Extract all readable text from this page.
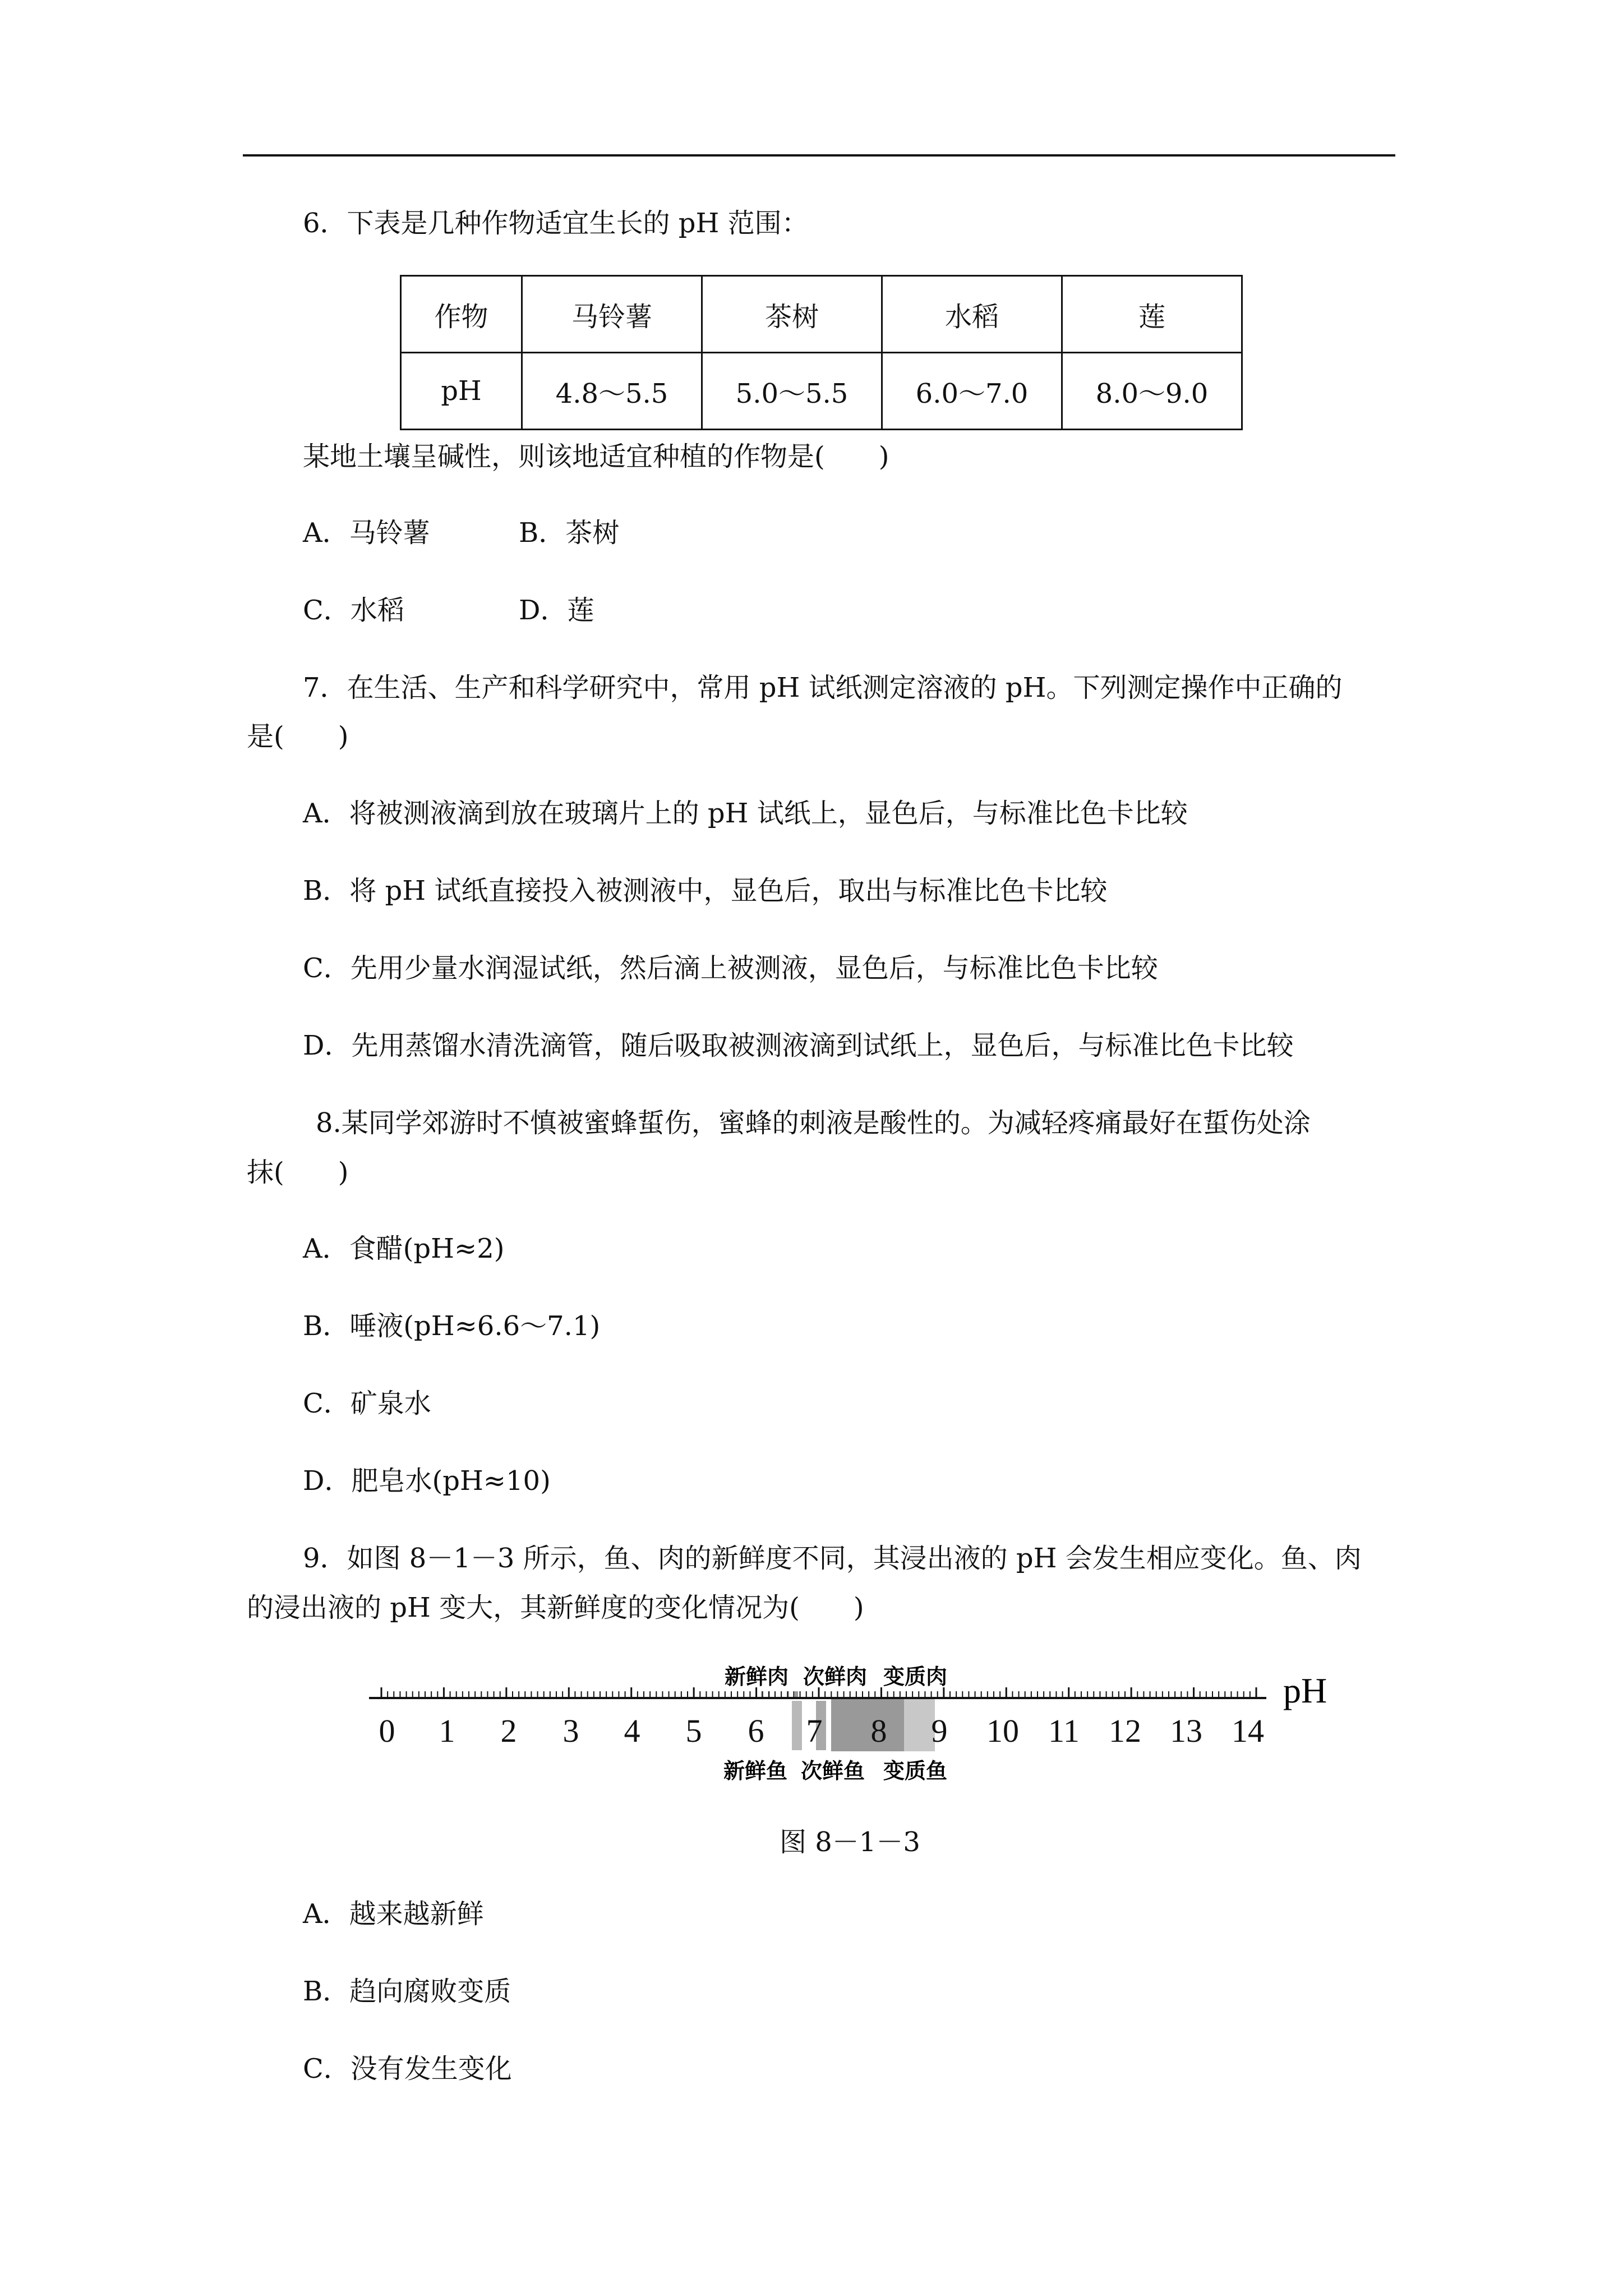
6．下表是几种作物适宜生长的 pH 范围：
作物	马铃薯	茶树	水稻	莲
pH	4.8～5.5	5.0～5.5	6.0～7.0	8.0～9.0
某地土壤呈碱性，则该地适宜种植的作物是(　　)
A．马铃薯	B．茶树
C．水稻	D．莲
7．在生活、生产和科学研究中，常用 pH 试纸测定溶液的 pH。下列测定操作中正确的
是(　　)
A．将被测液滴到放在玻璃片上的 pH 试纸上，显色后，与标准比色卡比较
B．将 pH 试纸直接投入被测液中，显色后，取出与标准比色卡比较
C．先用少量水润湿试纸，然后滴上被测液，显色后，与标准比色卡比较
D．先用蒸馏水清洗滴管，随后吸取被测液滴到试纸上，显色后，与标准比色卡比较
8.某同学郊游时不慎被蜜蜂蜇伤，蜜蜂的刺液是酸性的。为减轻疼痛最好在蜇伤处涂
抹(　　)
A．食醋(pH≈2)
B．唾液(pH≈6.6～7.1)
C．矿泉水
D．肥皂水(pH≈10)
9．如图 8－1－3 所示，鱼、肉的新鲜度不同，其浸出液的 pH 会发生相应变化。鱼、肉
的浸出液的 pH 变大，其新鲜度的变化情况为(　　)
新鲜肉 次鲜肉 变质肉
0 1 2 3 4 5 6 7 8 9 10 11 12 13 14
pH
新鲜鱼 次鲜鱼 变质鱼
图 8－1－3
A．越来越新鲜
B．趋向腐败变质
C．没有发生变化
